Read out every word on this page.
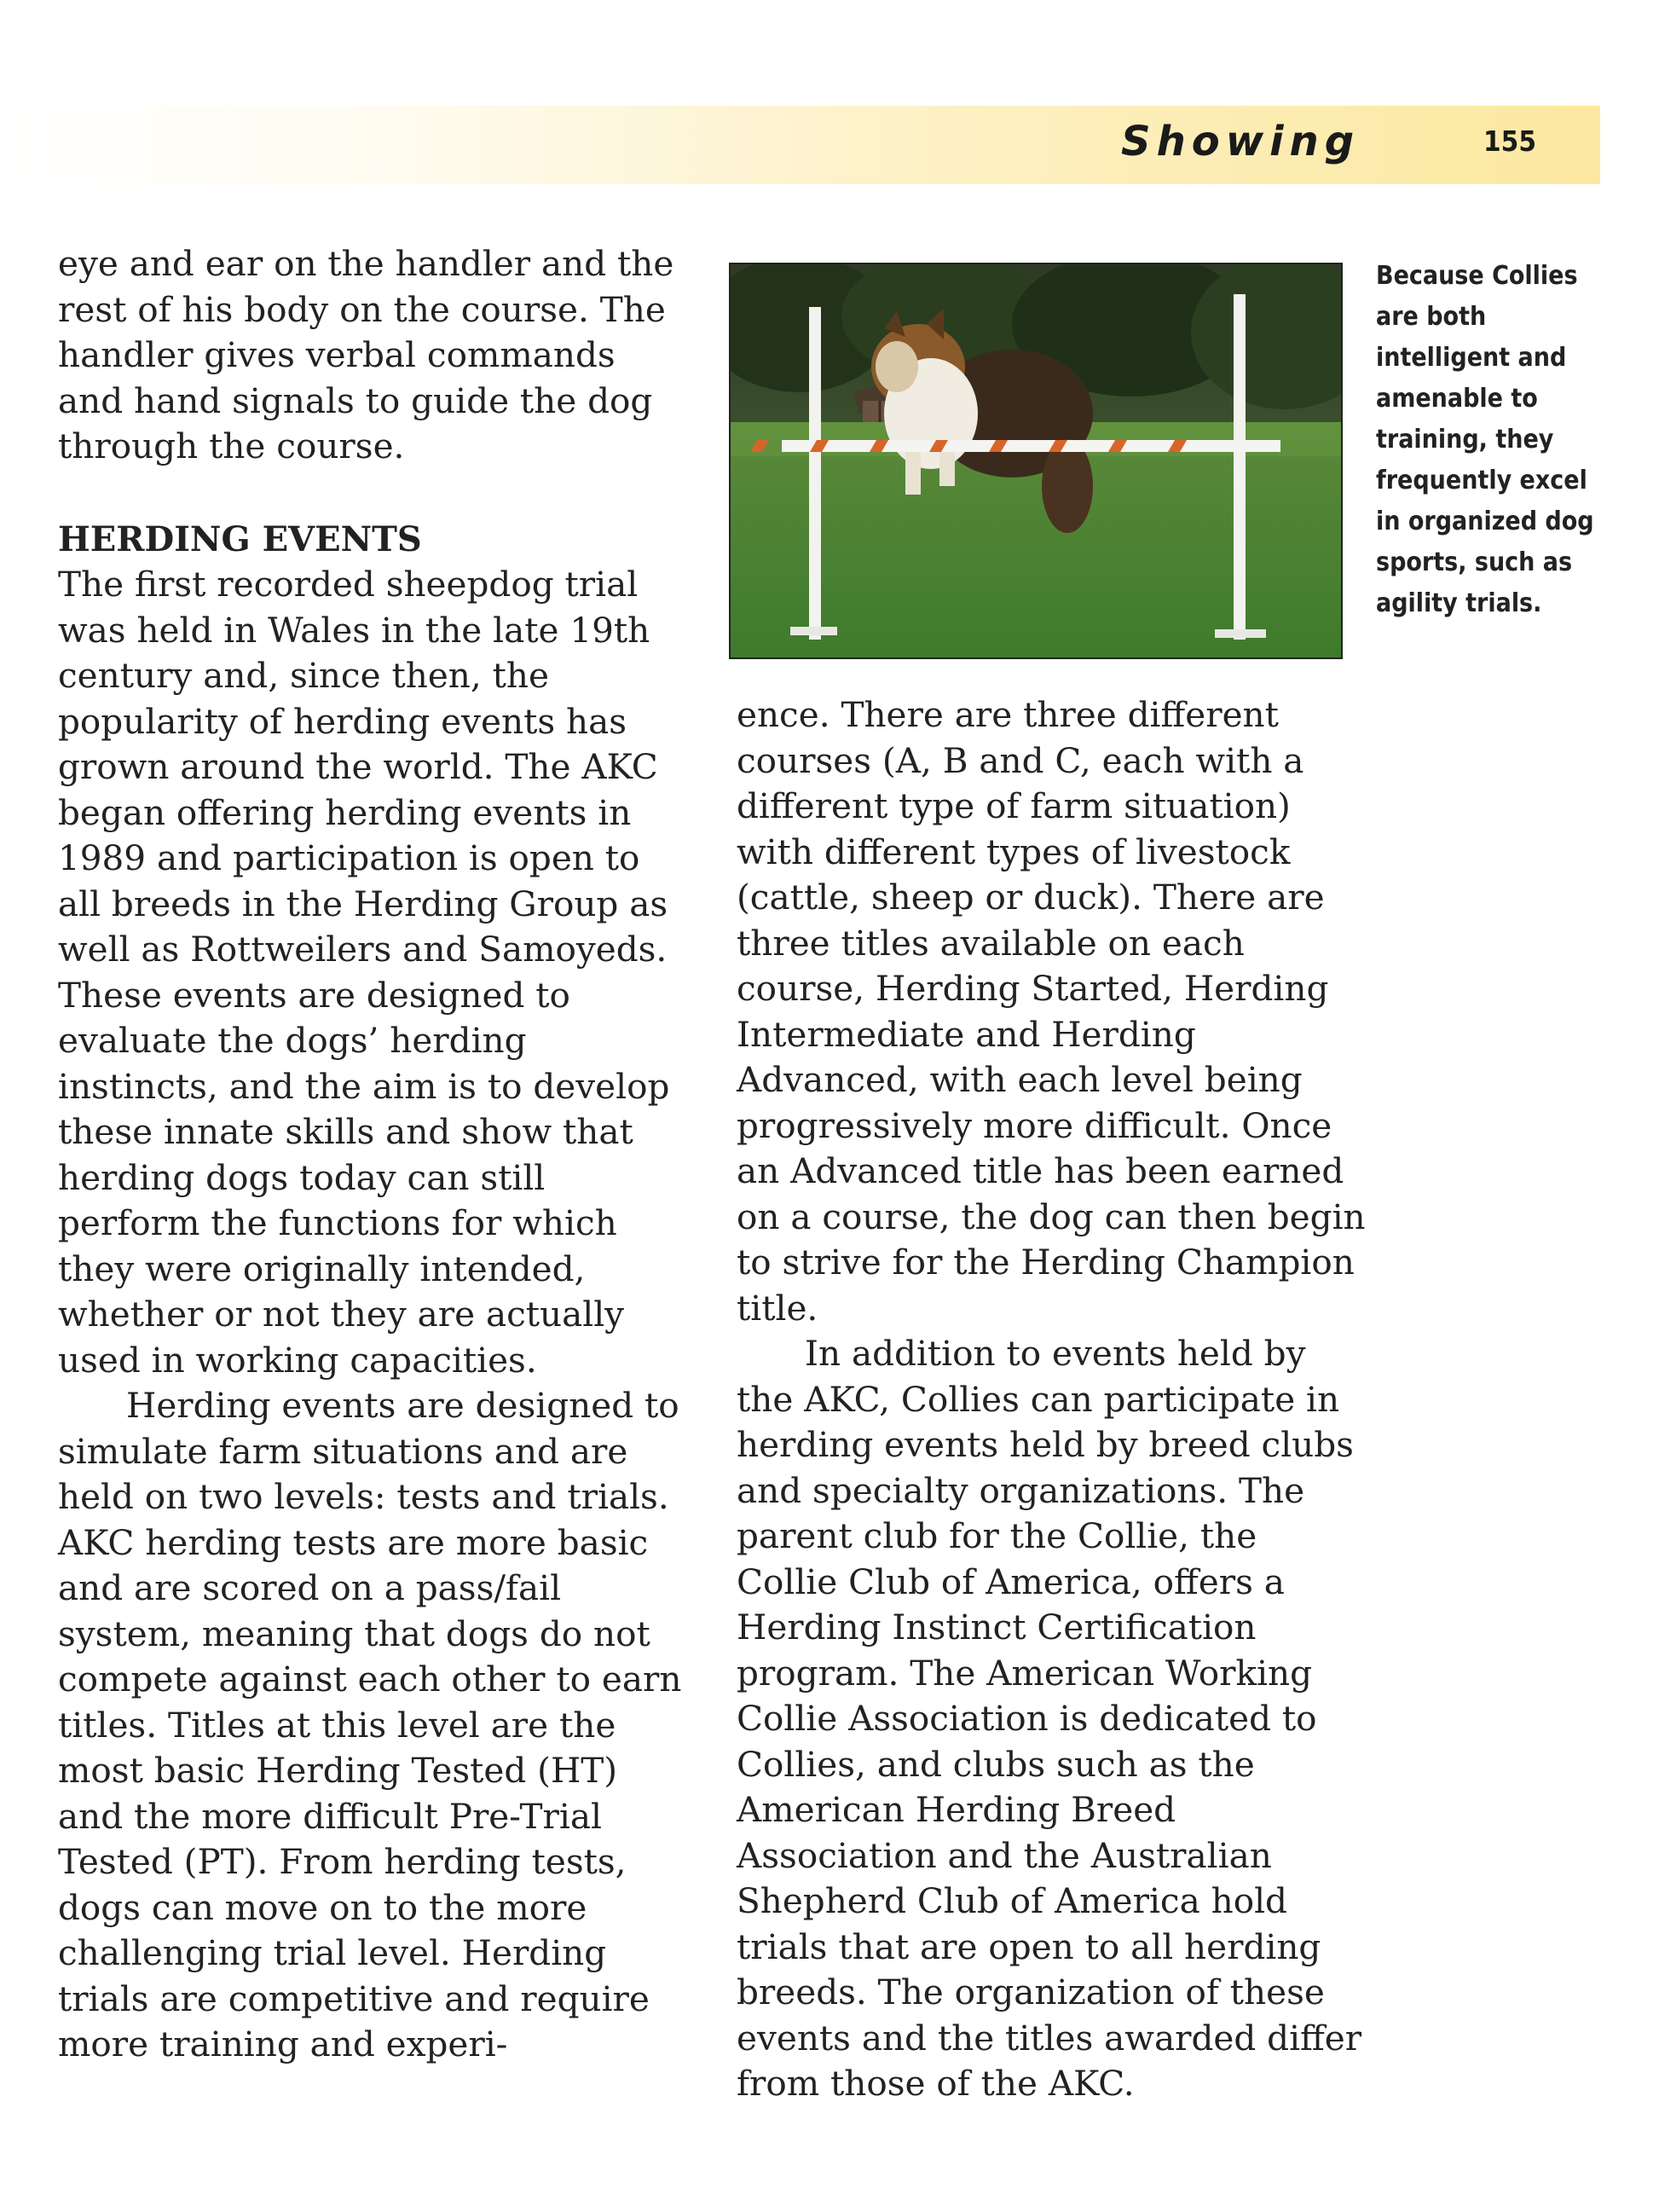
Showing	155

eye and ear on the handler and the rest of his body on the course. The handler gives verbal commands and hand signals to guide the dog through the course.

HERDING EVENTS

The first recorded sheepdog trial was held in Wales in the late 19th century and, since then, the popularity of herding events has grown around the world. The AKC began offering herding events in 1989 and participation is open to all breeds in the Herding Group as well as Rottweilers and Samoyeds. These events are designed to evaluate the dogs’ herding instincts, and the aim is to develop these innate skills and show that herding dogs today can still perform the functions for which they were originally intended, whether or not they are actually used in working capacities.

Herding events are designed to simulate farm situations and are held on two levels: tests and trials. AKC herding tests are more basic and are scored on a pass/fail system, meaning that dogs do not compete against each other to earn titles. Titles at this level are the most basic Herding Tested (HT) and the more difficult Pre-Trial Tested (PT). From herding tests, dogs can move on to the more challenging trial level. Herding trials are competitive and require more training and experi-

Because Collies are both intelligent and amenable to training, they frequently excel in organized dog sports, such as agility trials.

ence. There are three different courses (A, B and C, each with a different type of farm situation) with different types of livestock (cattle, sheep or duck). There are three titles available on each course, Herding Started, Herding Intermediate and Herding Advanced, with each level being progressively more difficult. Once an Advanced title has been earned on a course, the dog can then begin to strive for the Herding Champion title.

In addition to events held by the AKC, Collies can participate in herding events held by breed clubs and specialty organizations. The parent club for the Collie, the Collie Club of America, offers a Herding Instinct Certification program. The American Working Collie Association is dedicated to Collies, and clubs such as the American Herding Breed Association and the Australian Shepherd Club of America hold trials that are open to all herding breeds. The organization of these events and the titles awarded differ from those of the AKC.
